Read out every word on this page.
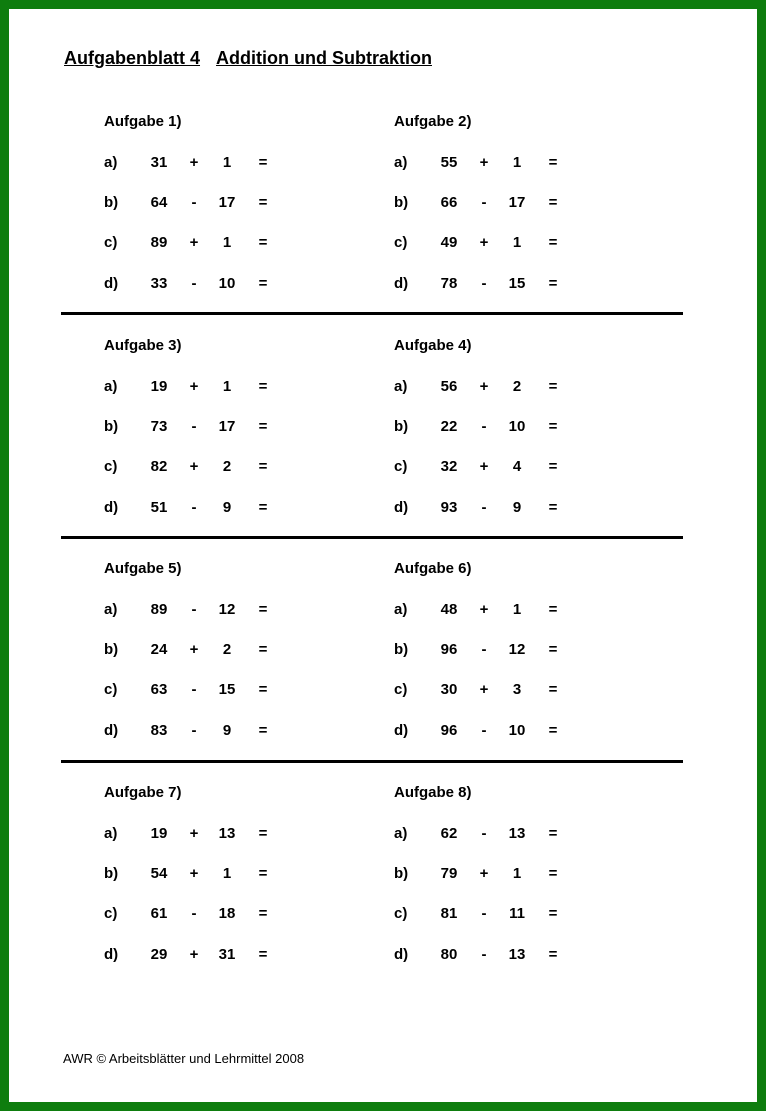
Aufgabenblatt 4 Addition und Subtraktion
Aufgabe 1)
a)	31	+	1	=
b)	64	-	17	=
c)	89	+	1	=
d)	33	-	10	=
Aufgabe 2)
a)	55	+	1	=
b)	66	-	17	=
c)	49	+	1	=
d)	78	-	15	=
Aufgabe 3)
a)	19	+	1	=
b)	73	-	17	=
c)	82	+	2	=
d)	51	-	9	=
Aufgabe 4)
a)	56	+	2	=
b)	22	-	10	=
c)	32	+	4	=
d)	93	-	9	=
Aufgabe 5)
a)	89	-	12	=
b)	24	+	2	=
c)	63	-	15	=
d)	83	-	9	=
Aufgabe 6)
a)	48	+	1	=
b)	96	-	12	=
c)	30	+	3	=
d)	96	-	10	=
Aufgabe 7)
a)	19	+	13	=
b)	54	+	1	=
c)	61	-	18	=
d)	29	+	31	=
Aufgabe 8)
a)	62	-	13	=
b)	79	+	1	=
c)	81	-	11	=
d)	80	-	13	=
AWR © Arbeitsblätter und Lehrmittel 2008
